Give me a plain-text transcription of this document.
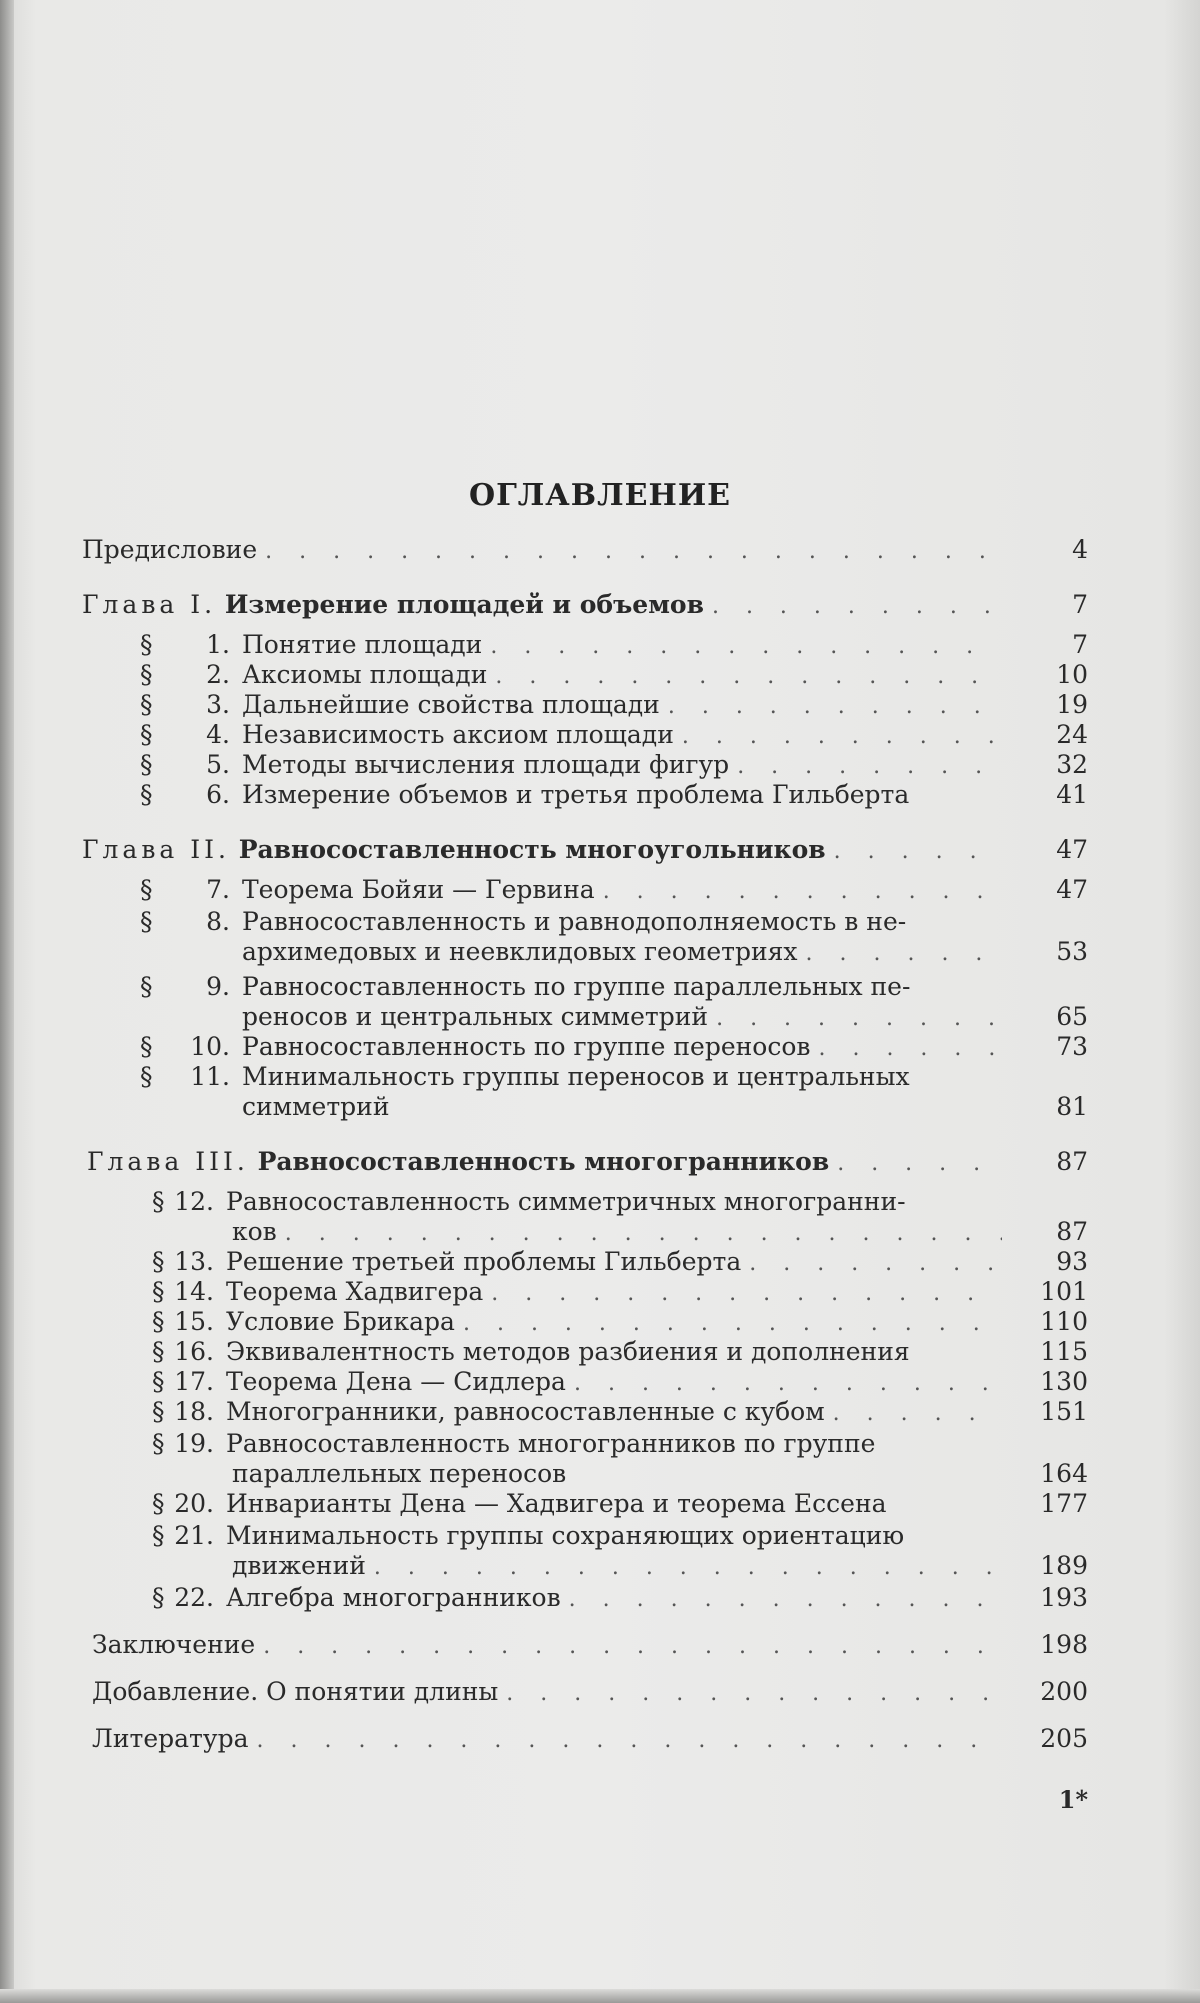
ОГЛАВЛЕНИЕ
Предисловие
. . .	4
Глава I. Измерение площадей и объемов
. . .	7
§ 1. Понятие площади
. . .	7
§ 2. Аксиомы площади
. . .	10
§ 3. Дальнейшие свойства площади
. . .	19
§ 4. Независимость аксиом площади
. . .	24
§ 5. Методы вычисления площади фигур
. . .	32
§ 6. Измерение объемов и третья проблема Гильберта	41
Глава II. Равносоставленность многоугольников
. . .	47
§ 7. Теорема Бойяи — Гервина
. . .	47
§ 8. Равносоставленность и равнодополняемость в не-
архимедовых и неевклидовых геометриях
. . .	53
§ 9. Равносоставленность по группе параллельных пе-
реносов и центральных симметрий
. . .	65
§ 10. Равносоставленность по группе переносов
. . .	73
§ 11. Минимальность группы переносов и центральных
симметрий	81
Глава III. Равносоставленность многогранников
. . .	87
§ 12. Равносоставленность симметричных многогранни-
ков
. . .	87
§ 13. Решение третьей проблемы Гильберта
. . .	93
§ 14. Теорема Хадвигера
. . .	101
§ 15. Условие Брикара
. . .	110
§ 16. Эквивалентность методов разбиения и дополнения	115
§ 17. Теорема Дена — Сидлера
. . .	130
§ 18. Многогранники, равносоставленные с кубом
. . .	151
§ 19. Равносоставленность многогранников по группе
параллельных переносов	164
§ 20. Инварианты Дена — Хадвигера и теорема Ессена	177
§ 21. Минимальность группы сохраняющих ориентацию
движений
. . .	189
§ 22. Алгебра многогранников
. . .	193
Заключение
. . .	198
Добавление. О понятии длины
. . .	200
Литература
. . .	205
1*
